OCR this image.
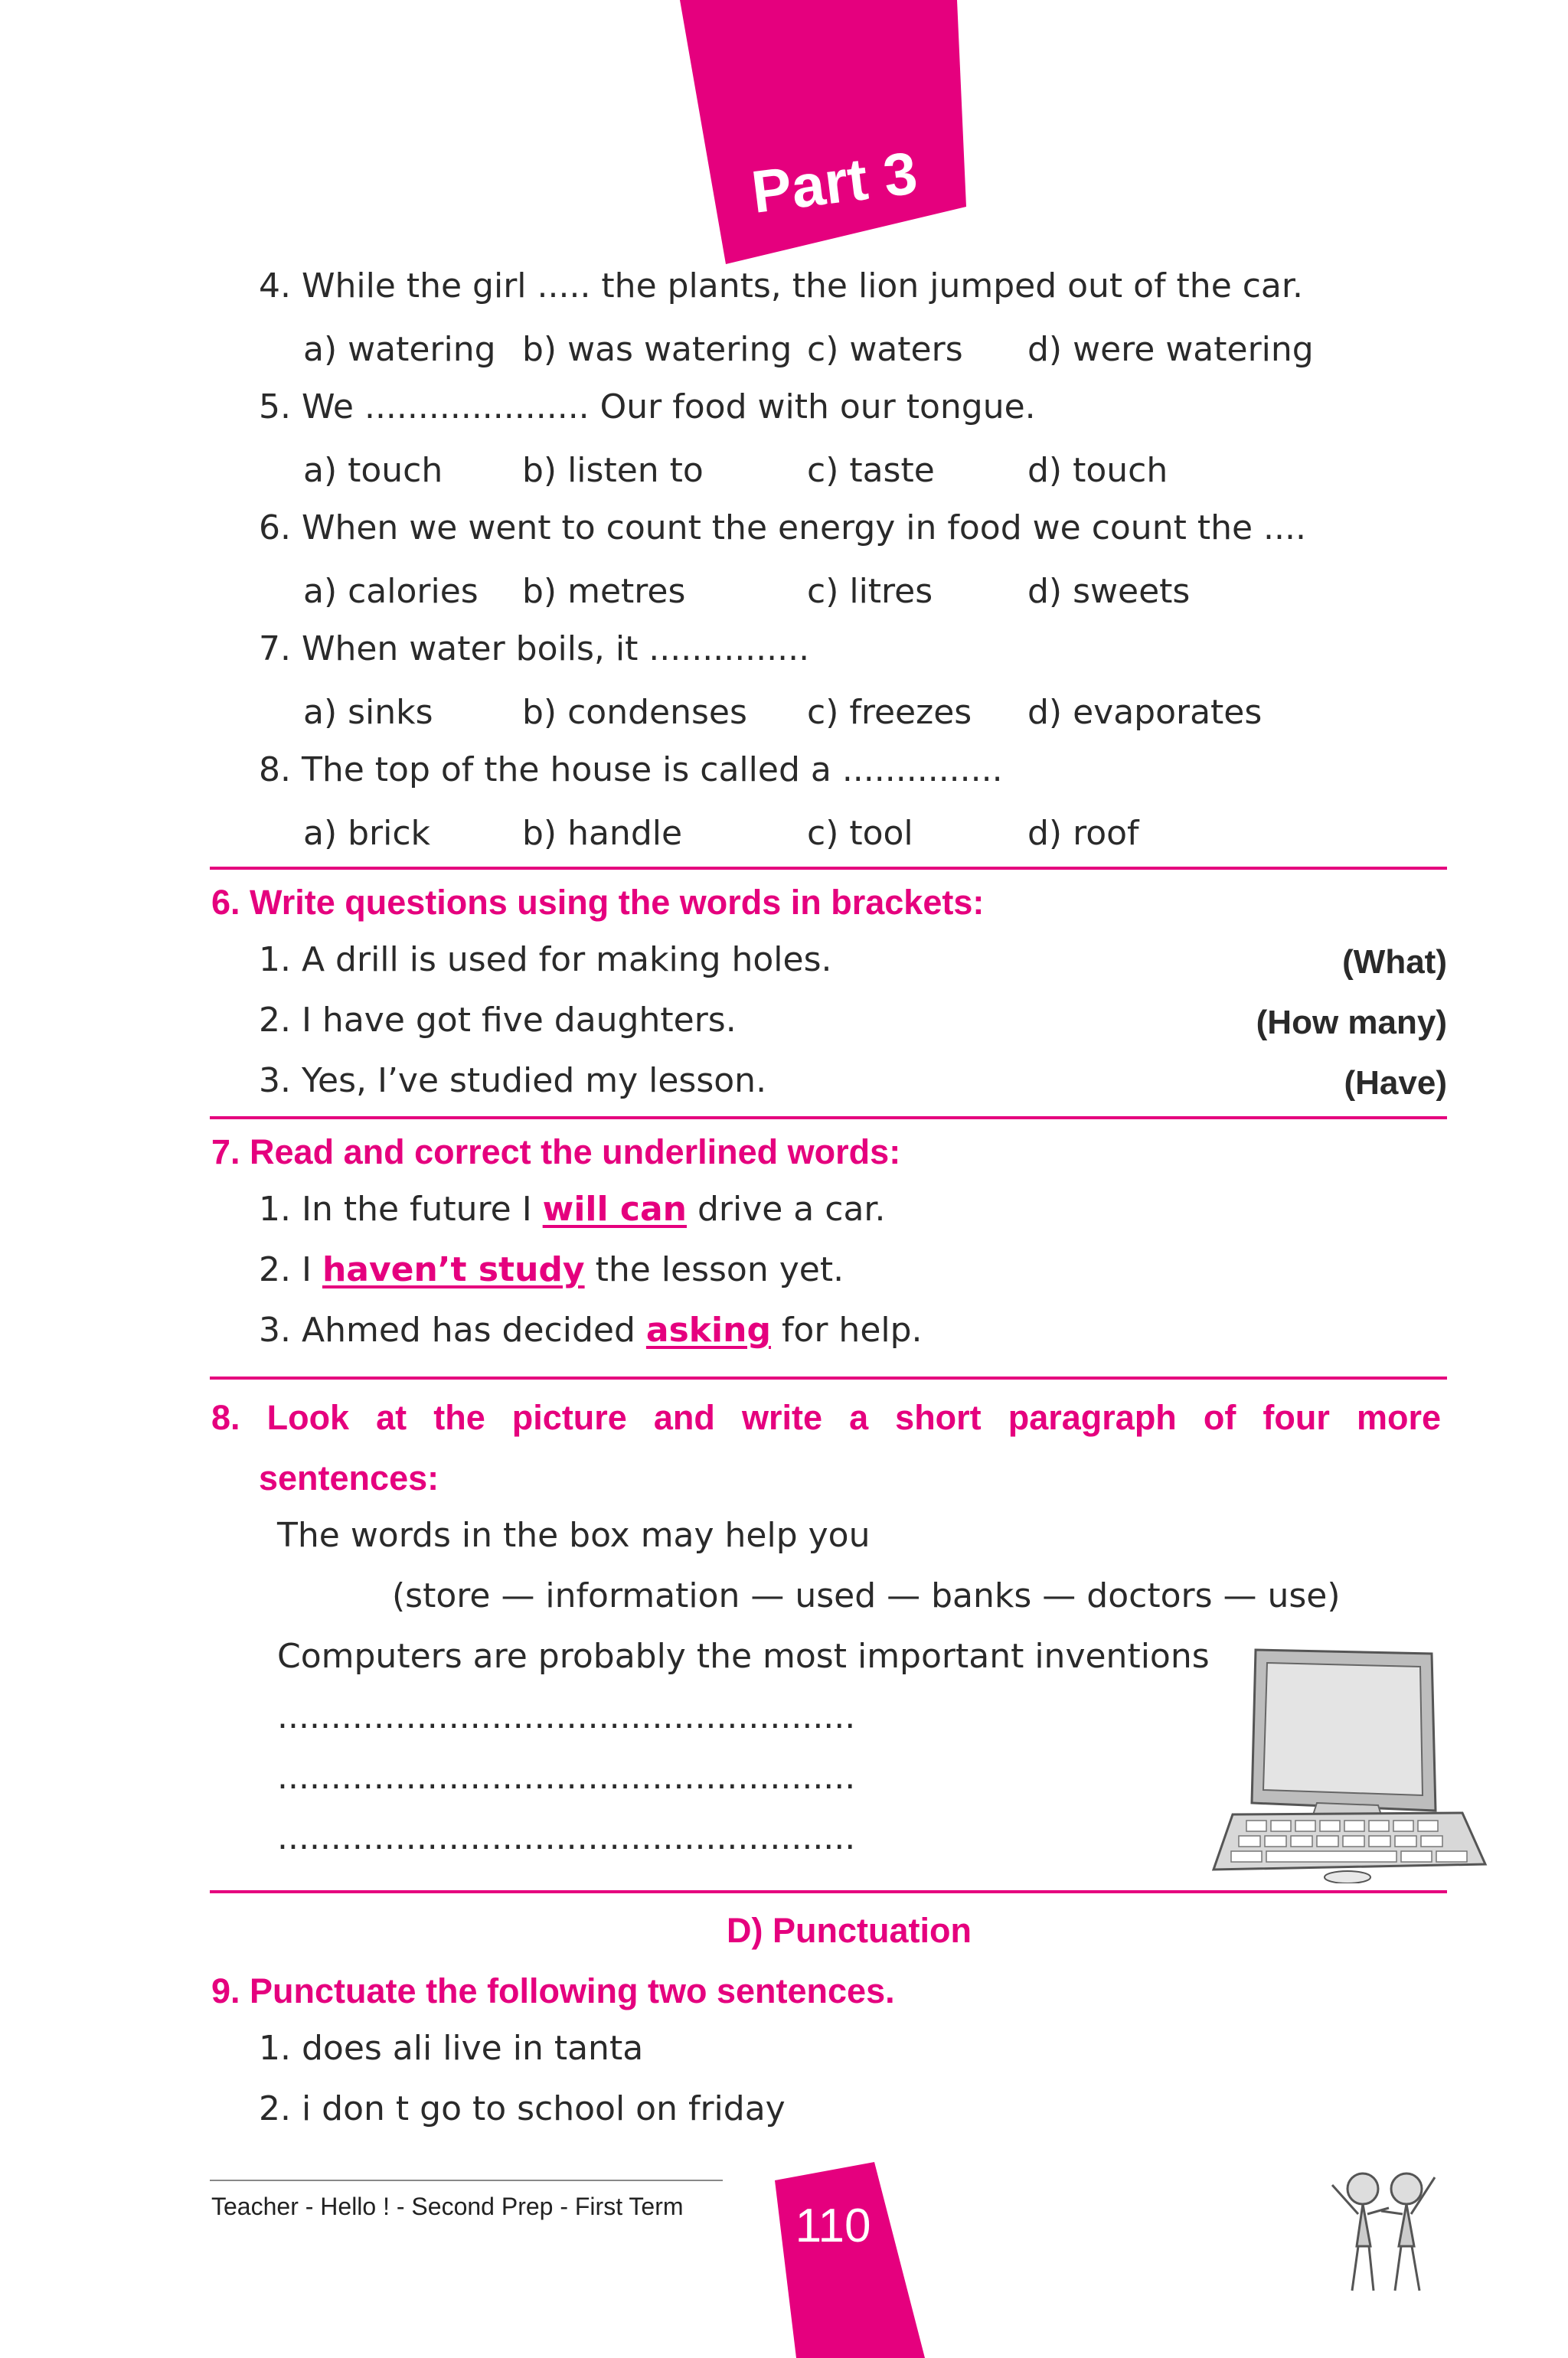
Part 3
4. While the girl ..... the plants, the lion jumped out of the car.
a) watering b) was watering c) waters d) were watering
5. We ..................... Our food with our tongue.
a) touch b) listen to	c) taste	d) touch
6. When we went to count the energy in food we count the ....
a) calories b) metres	c) litres	d) sweets
7. When water boils, it ...............
a) sinks	b) condenses c) freezes d) evaporates
8. The top of the house is called a ...............
a) brick	b) handle	c) tool	d) roof
6. Write questions using the words in brackets:
1. A drill is used for making holes.	(What)
2. I have got five daughters.	(How many)
3. Yes, I’ve studied my lesson.	(Have)
7. Read and correct the underlined words:
1. In the future I will can drive a car.
2. I haven’t study the lesson yet.
3. Ahmed has decided asking for help.
8. Look at the picture and write a short paragraph of four more
sentences:
The words in the box may help you
(store — information — used — banks — doctors — use)
Computers are probably the most important inventions
......................................................
......................................................
......................................................
D) Punctuation
9. Punctuate the following two sentences.
1. does ali live in tanta
2. i don t go to school on friday
Teacher - Hello ! - Second Prep - First Term 110
